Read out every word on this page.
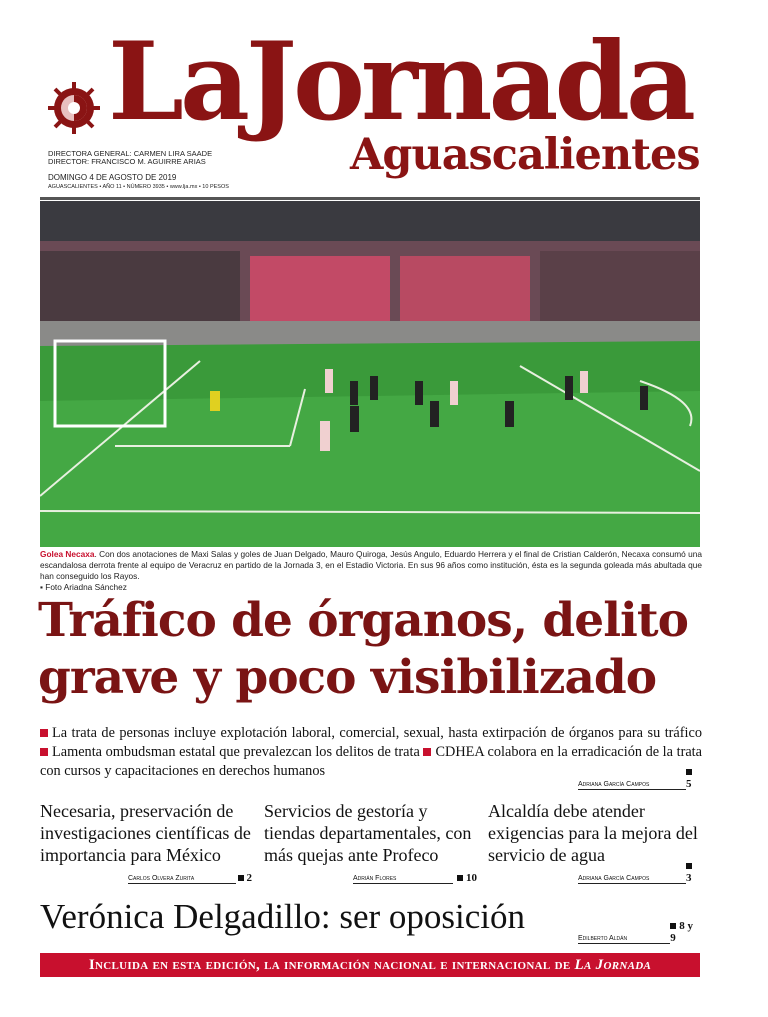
LaJornada
Aguascalientes
DIRECTORA GENERAL: CARMEN LIRA SAADE
DIRECTOR: FRANCISCO M. AGUIRRE ARIAS
DOMINGO 4 DE AGOSTO DE 2019
AGUASCALIENTES • AÑO 11 • NÚMERO 3935 • www.lja.mx • 10 PESOS
Golea Necaxa. Con dos anotaciones de Maxi Salas y goles de Juan Delgado, Mauro Quiroga, Jesús Angulo, Eduardo Herrera y el final de Cristian Calderón, Necaxa consumó una escandalosa derrota frente al equipo de Veracruz en partido de la Jornada 3, en el Estadio Victoria. En sus 96 años como institución, ésta es la segunda goleada más abultada que han conseguido los Rayos.
▪ Foto Ariadna Sánchez
Tráfico de órganos, delito grave y poco visibilizado
La trata de personas incluye explotación laboral, comercial, sexual, hasta extirpación de órganos para su tráfico Lamenta ombudsman estatal que prevalezcan los delitos de trata CDHEA colabora en la erradicación de la trata con cursos y capacitaciones en derechos humanos
Adriana García Campos	5
Necesaria, preservación de investigaciones científicas de importancia para México
Servicios de gestoría y tiendas departamentales, con más quejas ante Profeco
Alcaldía debe atender exigencias para la mejora del servicio de agua
Carlos Olvera Zurita	2	Adrián Flores	10	Adriana García Campos	3
Verónica Delgadillo: ser oposición
Edilberto Aldán
8 y 9
Incluida en esta edición, la información nacional e internacional de La Jornada
